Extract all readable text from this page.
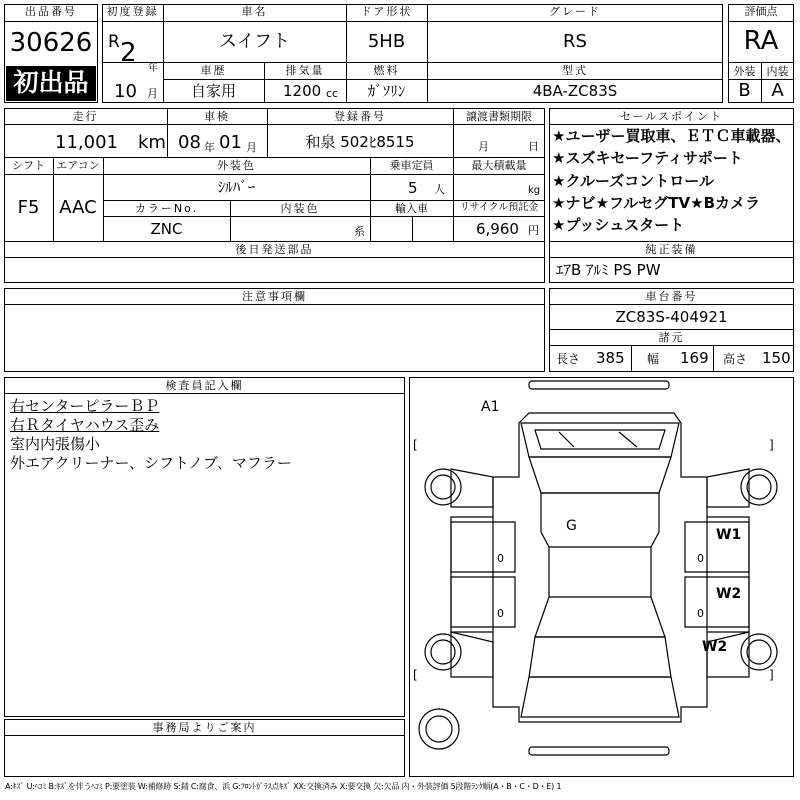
出品番号
30626
初出品
初度登録
R 2
年
10 月
車名
スイフト
ドア形状
5HB
グレード
RS
車歴
自家用
排気量
1200 cc
燃料
ｶﾞｿﾘﾝ
型式
4BA-ZC83S
評価点
RA
外装	内装
B	A
走行
11,001 km
車検
08 年 01 月
登録番号
和泉 502ﾋ8515
譲渡書類期限
月	日
シフト
F5
エアコン
AAC
外装色
ｼﾙﾊﾞｰ
カラーNo.
ZNC
内装色
系
乗車定員
5 人
輸入車
最大積載量
kg
リサイクル預託金
6,960 円
後日発送部品
セールスポイント
★ユーザー買取車、ＥＴＣ車載器、
★スズキセーフティサポート
★クルーズコントロール
★ナビ★フルセグTV★Bカメラ
★プッシュスタート
純正装備
ｴｱB ｱﾙﾐ PS PW
注意事項欄	車台番号
ZC83S-404921
諸元
長さ 385 幅 169 高さ 150
検査員記入欄
右センターピラーＢＰ
右Ｒタイヤハウス歪み
室内内張傷小
外エアクリーナー、シフトノブ、マフラー
事務局よりご案内
[	]
[	]
0
0
0
0
A1
G
W1
W2
W2
A:ｷｽﾞ U:ﾍｺﾐ B:ｷｽﾞを伴うﾍｺﾐ P:要塗装 W:補修跡 S:錆 C:腐食、浜 G:ﾌﾛﾝﾄｶﾞﾗｽ点ｷｽﾞ XX:交換済み X:要交換 欠:欠品 内・外装評価 5段階ﾗﾝｸ順(A・B・C・D・E) 1
